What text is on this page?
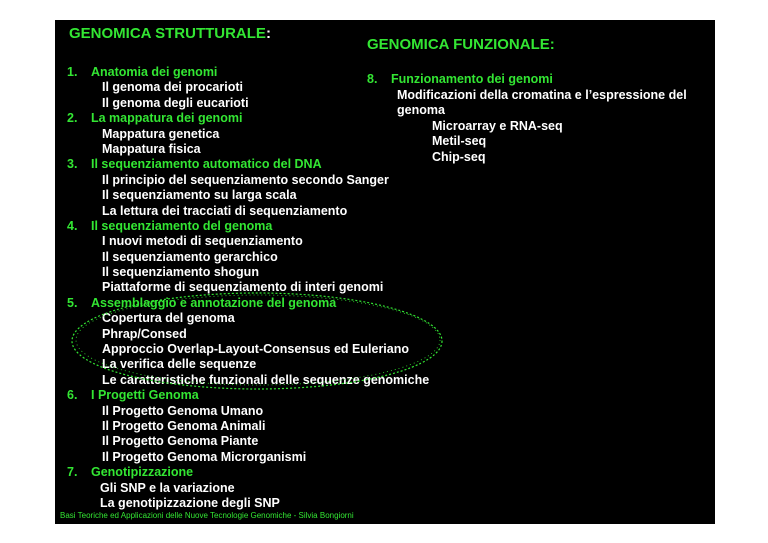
GENOMICA STRUTTURALE:
GENOMICA FUNZIONALE:
1. Anatomia dei genomi
Il genoma dei procarioti
Il genoma degli eucarioti
2. La mappatura dei genomi
Mappatura genetica
Mappatura fisica
3. Il sequenziamento automatico del DNA
Il principio del sequenziamento secondo Sanger
Il sequenziamento su larga scala
La lettura dei tracciati di sequenziamento
4. Il sequenziamento del genoma
I nuovi metodi di sequenziamento
Il sequenziamento gerarchico
Il sequenziamento shogun
Piattaforme di sequenziamento di interi genomi
5. Assemblaggio e annotazione del genoma
Copertura del genoma
Phrap/Consed
Approccio Overlap-Layout-Consensus ed Euleriano
La verifica delle sequenze
Le caratteristiche funzionali delle sequenze genomiche
6. I Progetti Genoma
Il Progetto Genoma Umano
Il Progetto Genoma Animali
Il Progetto Genoma Piante
Il Progetto Genoma Microrganismi
7. Genotipizzazione
Gli SNP e la variazione
La genotipizzazione degli SNP
8. Funzionamento dei genomi
Modificazioni della cromatina e l’espressione del
genoma
Microarray e RNA-seq
Metil-seq
Chip-seq
Basi Teoriche ed Applicazioni delle Nuove Tecnologie Genomiche - Silvia Bongiorni
